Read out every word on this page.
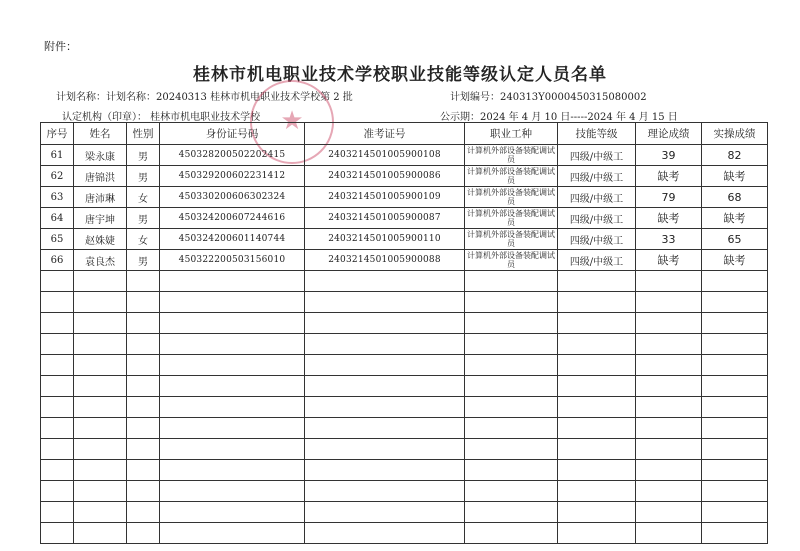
附件：
桂林市机电职业技术学校职业技能等级认定人员名单
计划名称：计划名称：20240313 桂林市机电职业技术学校第 2 批	计划编号：240313Y0000450315080002
认定机构（印章）： 桂林市机电职业技术学校	公示期：2024 年 4 月 10 日-----2024 年 4 月 15 日
★
序号	姓名	性别	身份证号码	准考证号	职业工种	技能等级	理论成绩	实操成绩
61	梁永康	男	450328200502202415	240321450100590010​8	计算机外部设备装配调试员	四级/中级工	39	82
62	唐锦洪	男	450329200602231412	2403214501005900086	计算机外部设备装配调试员	四级/中级工	缺考	缺考
63	唐沛琳	女	450330200606302324	2403214501005900109	计算机外部设备装配调试员	四级/中级工	79	68
64	唐宇坤	男	450324200607244616	2403214501005900087	计算机外部设备装配调试员	四级/中级工	缺考	缺考
65	赵姝婕	女	450324200601140744	2403214501005900110	计算机外部设备装配调试员	四级/中级工	33	65
66	袁良杰	男	450322200503156010	2403214501005900088	计算机外部设备装配调试员	四级/中级工	缺考	缺考
